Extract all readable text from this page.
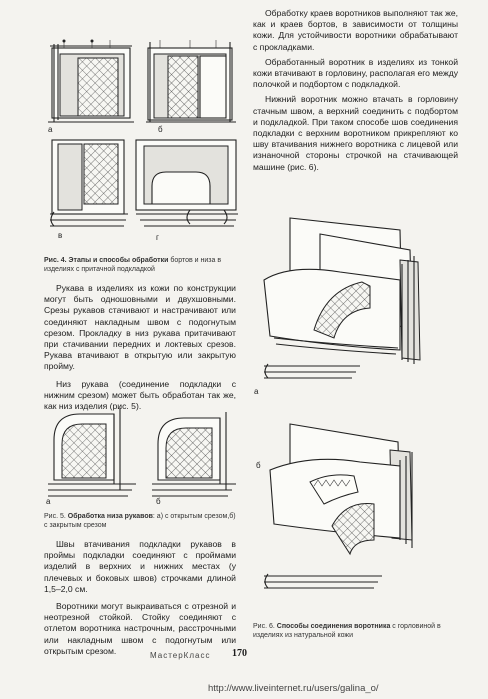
а	б
в	г
Рис. 4. Этапы и способы обработки бортов и низа в изделиях с притачной подкладкой

Рукава в изделиях из кожи по конструкции могут быть одношовными и двухшовными. Срезы рукавов стачивают и настрачивают или соединяют накладным швом с подогнутым срезом. Прокладку в низ рукава притачивают при стачивании передних и локтевых срезов. Рукава втачивают в открытую или закрытую пройму.

Низ рукава (соединение подкладки с нижним срезом) может быть обработан так же, как низ изделия (рис. 5).

а	б
Рис. 5. Обработка низа рукавов: а) с открытым срезом,б) с закрытым срезом

Швы втачивания подкладки рукавов в проймы подкладки соединяют с проймами изделий в верхних и нижних местах (у плечевых и боковых швов) строчками длиной 1,5–2,0 см.

Воротники могут выкраиваться с отрезной и неотрезной стойкой. Стойку соединяют с отлетом воротника настрочным, расстрочными или накладным швом с подогнутым или открытым срезом.

Обработку краев воротников выполняют так же, как и краев бортов, в зависимости от толщины кожи. Для устойчивости воротники обрабатывают с прокладками.

Обработанный воротник в изделиях из тонкой кожи втачивают в горловину, располагая его между полочкой и подбортом с подкладкой.

Нижний воротник можно втачать в горловину стачным швом, а верхний соединить с подбортом и подкладкой. При таком способе шов соединения подкладки с верхним воротником прикрепляют ко шву втачивания нижнего воротника с лицевой или изнаночной стороны строчкой на стачивающей машине (рис. 6).

а
б
Рис. 6. Способы соединения воротника с горловиной в изделиях из натуральной кожи
МастерКласс 170
http://www.liveinternet.ru/users/galina_o/
